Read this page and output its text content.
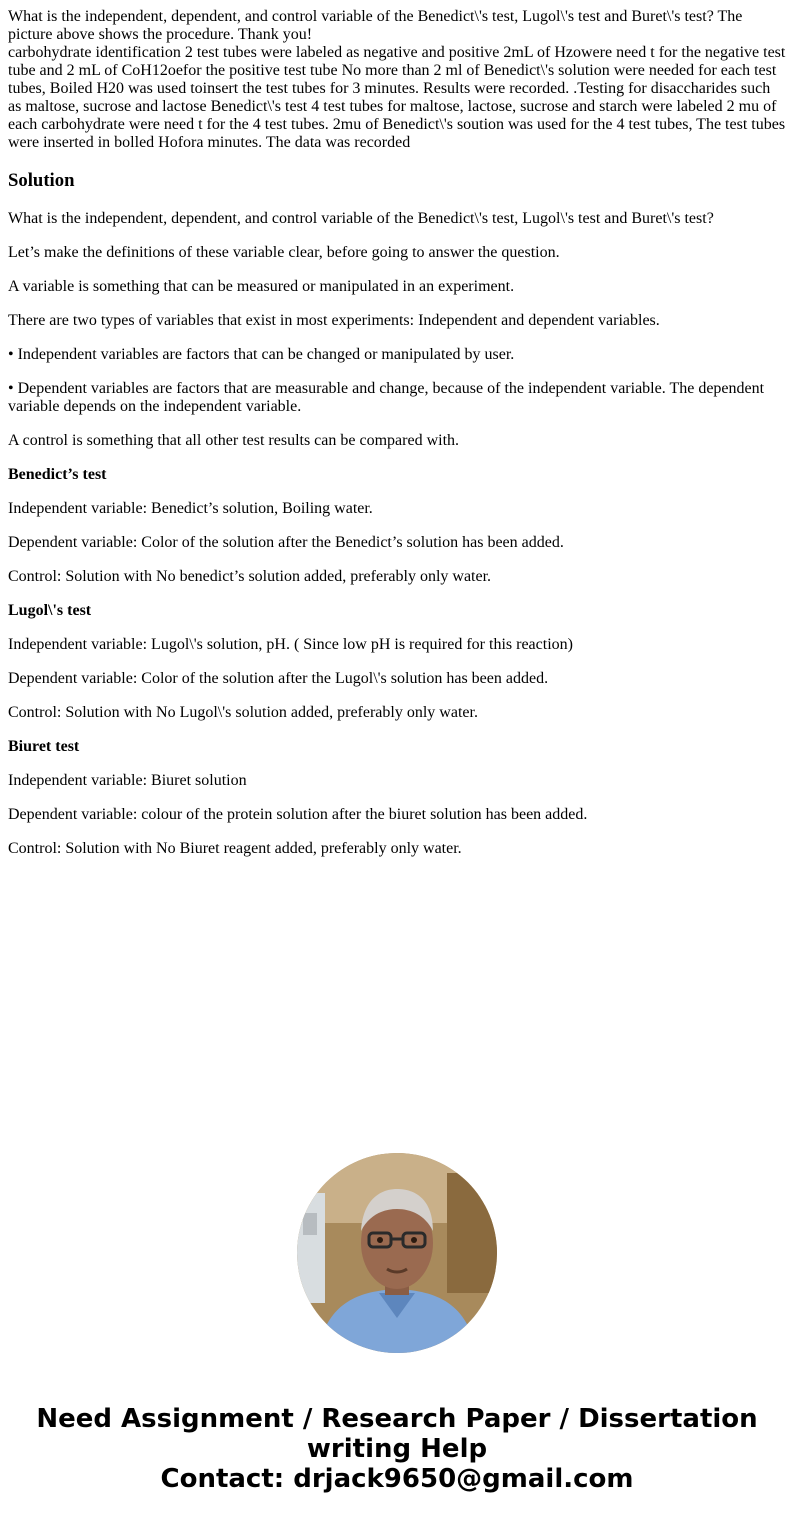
What is the independent, dependent, and control variable of the Benedict\'s test, Lugol\'s test and Buret\'s test? The picture above shows the procedure. Thank you!
carbohydrate identification 2 test tubes were labeled as negative and positive 2mL of Hzowere need t for the negative test tube and 2 mL of CoH12oefor the positive test tube No more than 2 ml of Benedict\'s solution were needed for each test tubes, Boiled H20 was used toinsert the test tubes for 3 minutes. Results were recorded. .Testing for disaccharides such as maltose, sucrose and lactose Benedict\'s test 4 test tubes for maltose, lactose, sucrose and starch were labeled 2 mu of each carbohydrate were need t for the 4 test tubes. 2mu of Benedict\'s soution was used for the 4 test tubes, The test tubes were inserted in bolled Hofora minutes. The data was recorded
Solution

What is the independent, dependent, and control variable of the Benedict\'s test, Lugol\'s test and Buret\'s test?

Let’s make the definitions of these variable clear, before going to answer the question.

A variable is something that can be measured or manipulated in an experiment.

There are two types of variables that exist in most experiments: Independent and dependent variables.

• Independent variables are factors that can be changed or manipulated by user.

• Dependent variables are factors that are measurable and change, because of the independent variable. The dependent variable depends on the independent variable.

A control is something that all other test results can be compared with.

Benedict’s test

Independent variable: Benedict’s solution, Boiling water.

Dependent variable: Color of the solution after the Benedict’s solution has been added.

Control: Solution with No benedict’s solution added, preferably only water.

Lugol\'s test

Independent variable: Lugol\'s solution, pH. ( Since low pH is required for this reaction)

Dependent variable: Color of the solution after the Lugol\'s solution has been added.

Control: Solution with No Lugol\'s solution added, preferably only water.

Biuret test

Independent variable: Biuret solution

Dependent variable: colour of the protein solution after the biuret solution has been added.

Control: Solution with No Biuret reagent added, preferably only water.

Need Assignment / Research Paper / Dissertation writing Help
Contact: drjack9650@gmail.com
